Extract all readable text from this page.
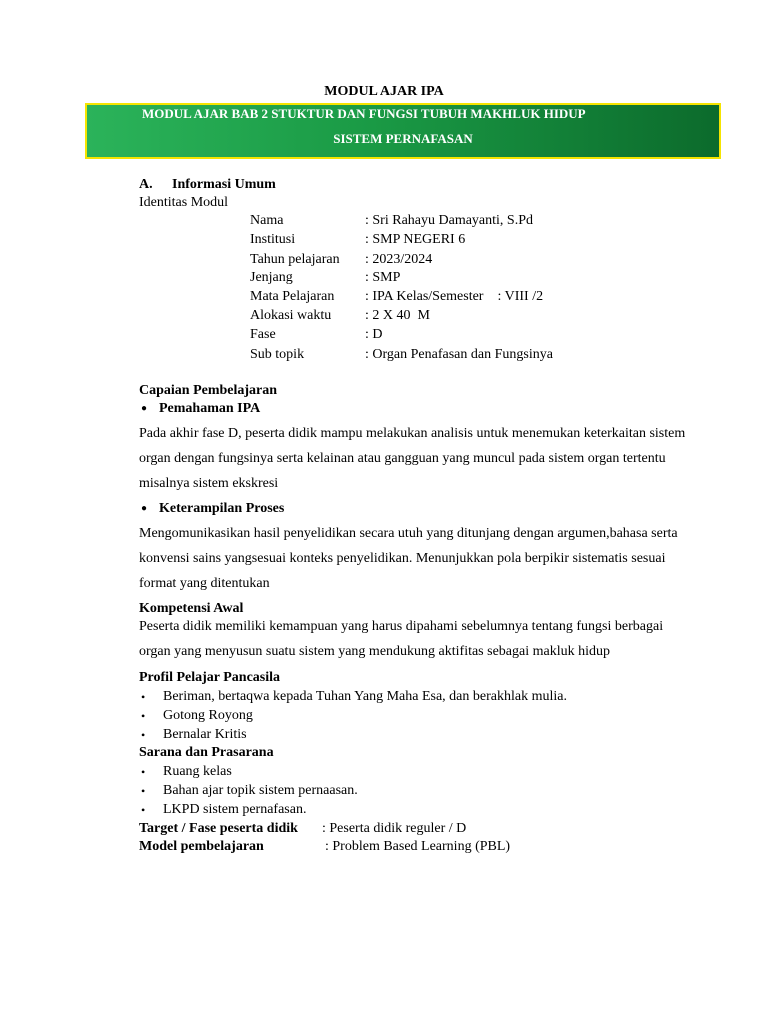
MODUL AJAR IPA
MODUL AJAR BAB 2 STUKTUR DAN FUNGSI TUBUH MAKHLUK HIDUP
SISTEM PERNAFASAN
A. Informasi Umum
Identitas Modul
Nama	: Sri Rahayu Damayanti, S.Pd
Institusi	: SMP NEGERI 6
Tahun pelajaran : 2023/2024
Jenjang	: SMP
Mata Pelajaran : IPA Kelas/Semester    : VIII /2
Alokasi waktu : 2 X 40  M
Fase	: D
Sub topik	: Organ Penafasan dan Fungsinya
Capaian Pembelajaran
● Pemahaman IPA
Pada akhir fase D, peserta didik mampu melakukan analisis untuk menemukan keterkaitan sistem
organ dengan fungsinya serta kelainan atau gangguan yang muncul pada sistem organ tertentu
misalnya sistem ekskresi
● Keterampilan Proses
Mengomunikasikan hasil penyelidikan secara utuh yang ditunjang dengan argumen,bahasa serta
konvensi sains yangsesuai konteks penyelidikan. Menunjukkan pola berpikir sistematis sesuai
format yang ditentukan
Kompetensi Awal
Peserta didik memiliki kemampuan yang harus dipahami sebelumnya tentang fungsi berbagai
organ yang menyusun suatu sistem yang mendukung aktifitas sebagai makluk hidup
Profil Pelajar Pancasila
• Beriman, bertaqwa kepada Tuhan Yang Maha Esa, dan berakhlak mulia.
• Gotong Royong
• Bernalar Kritis
Sarana dan Prasarana
• Ruang kelas
• Bahan ajar topik sistem pernaasan.
• LKPD sistem pernafasan.
Target / Fase peserta didik : Peserta didik reguler / D
Model pembelajaran	: Problem Based Learning (PBL)
